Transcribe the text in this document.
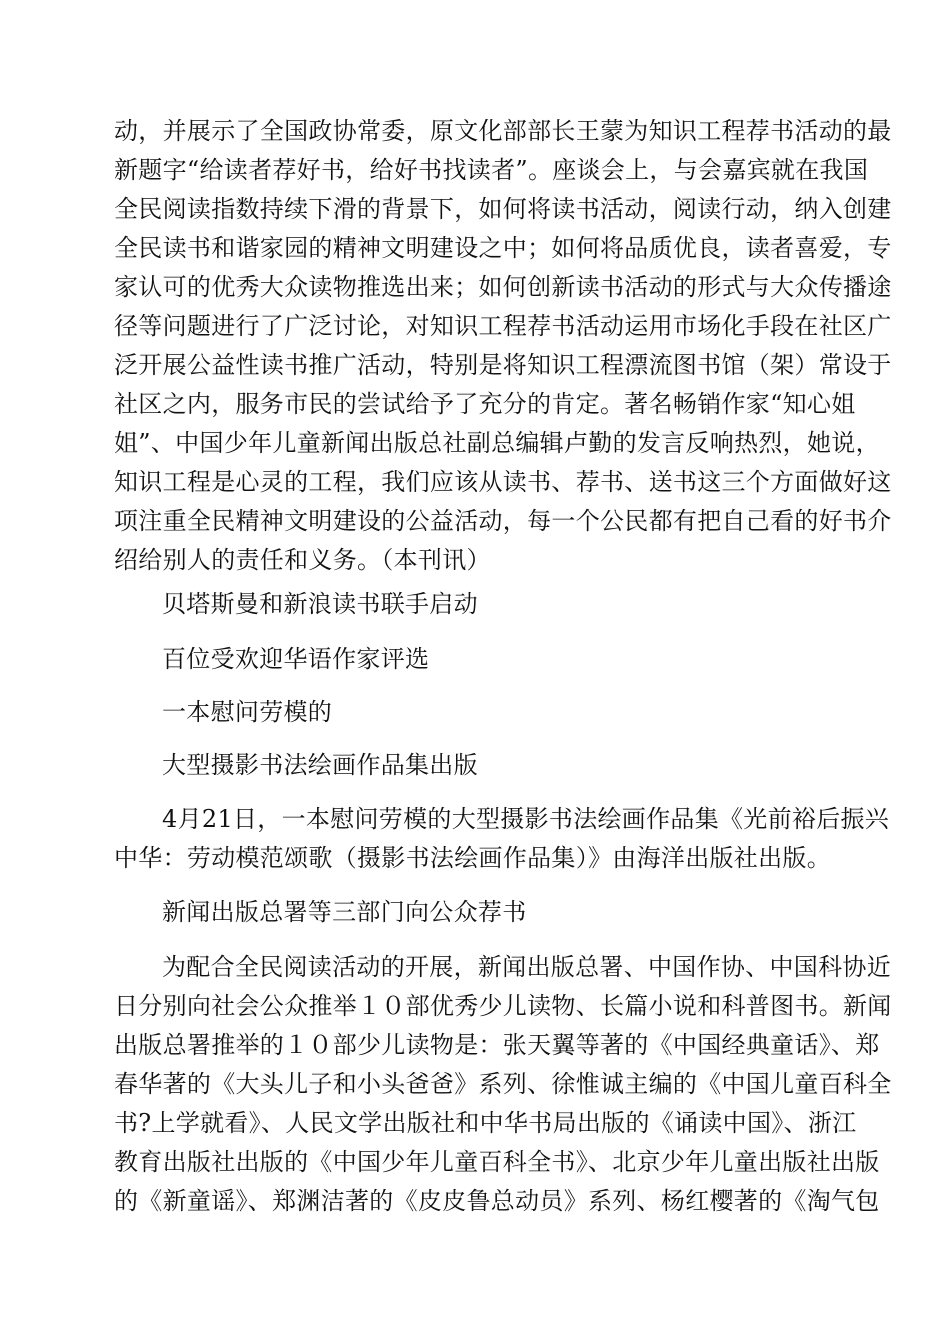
动，并展示了全国政协常委，原文化部部长王蒙为知识工程荐书活动的最
新题字“给读者荐好书，给好书找读者”。座谈会上，与会嘉宾就在我国
全民阅读指数持续下滑的背景下，如何将读书活动，阅读行动，纳入创建
全民读书和谐家园的精神文明建设之中；如何将品质优良，读者喜爱，专
家认可的优秀大众读物推选出来；如何创新读书活动的形式与大众传播途
径等问题进行了广泛讨论，对知识工程荐书活动运用市场化手段在社区广
泛开展公益性读书推广活动，特别是将知识工程漂流图书馆（架）常设于
社区之内，服务市民的尝试给予了充分的肯定。著名畅销作家“知心姐
姐”、中国少年儿童新闻出版总社副总编辑卢勤的发言反响热烈，她说，
知识工程是心灵的工程，我们应该从读书、荐书、送书这三个方面做好这
项注重全民精神文明建设的公益活动，每一个公民都有把自己看的好书介
绍给别人的责任和义务。（本刊讯）

贝塔斯曼和新浪读书联手启动

百位受欢迎华语作家评选

一本慰问劳模的

大型摄影书法绘画作品集出版

4月21日，一本慰问劳模的大型摄影书法绘画作品集《光前裕后振兴
中华：劳动模范颂歌（摄影书法绘画作品集）》由海洋出版社出版。

新闻出版总署等三部门向公众荐书

为配合全民阅读活动的开展，新闻出版总署、中国作协、中国科协近
日分别向社会公众推举１０部优秀少儿读物、长篇小说和科普图书。新闻
出版总署推举的１０部少儿读物是：张天翼等著的《中国经典童话》、郑
春华著的《大头儿子和小头爸爸》系列、徐惟诚主编的《中国儿童百科全
书?上学就看》、人民文学出版社和中华书局出版的《诵读中国》、浙江
教育出版社出版的《中国少年儿童百科全书》、北京少年儿童出版社出版
的《新童谣》、郑渊洁著的《皮皮鲁总动员》系列、杨红樱著的《淘气包
